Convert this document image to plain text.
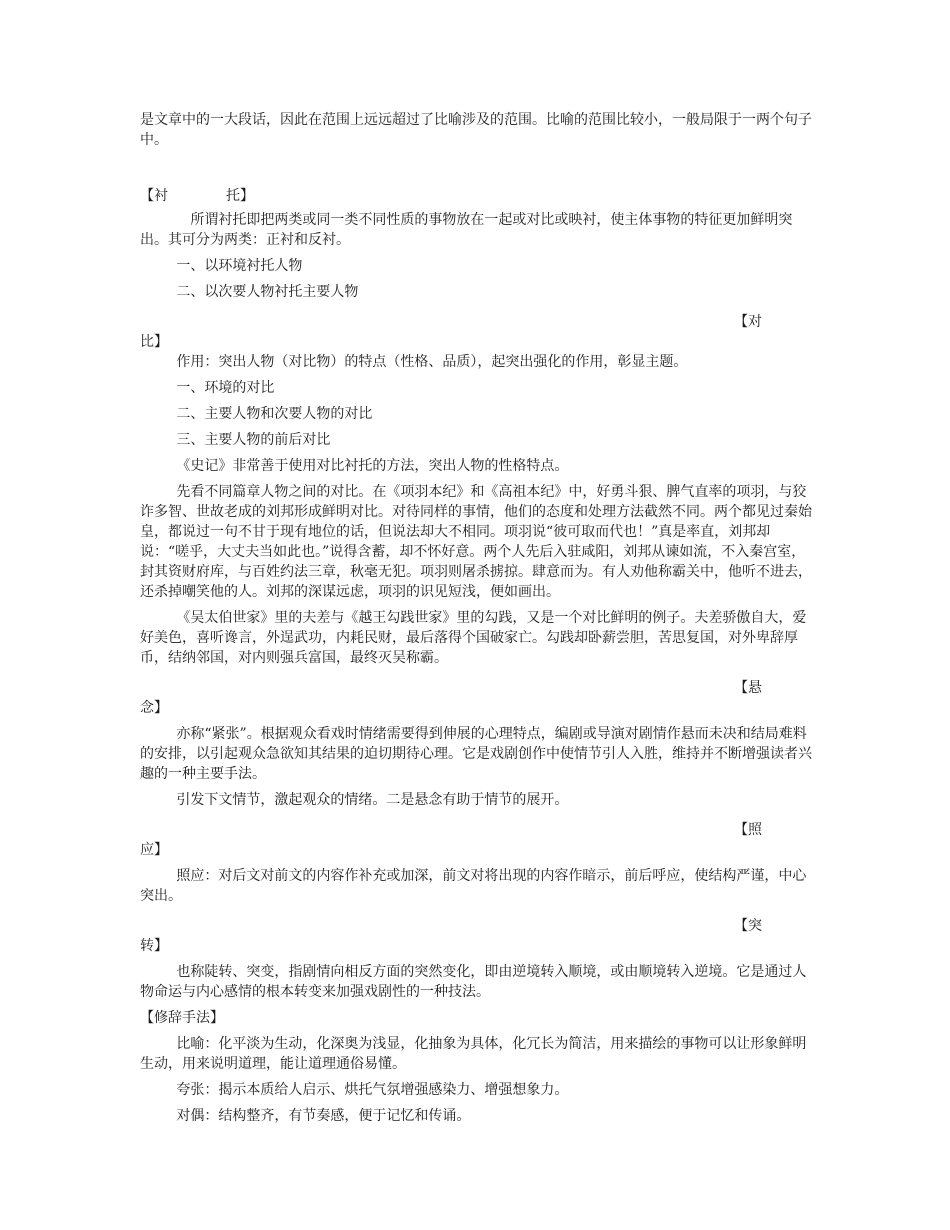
是文章中的一大段话，因此在范围上远远超过了比喻涉及的范围。比喻的范围比较小，一般局限于一两个句子中。

【衬	托】

所谓衬托即把两类或同一类不同性质的事物放在一起或对比或映衬，使主体事物的特征更加鲜明突出。其可分为两类：正衬和反衬。

一、以环境衬托人物

二、以次要人物衬托主要人物

【对

比】

作用：突出人物（对比物）的特点（性格、品质），起突出强化的作用，彰显主题。

一、环境的对比

二、主要人物和次要人物的对比

三、主要人物的前后对比

《史记》非常善于使用对比衬托的方法，突出人物的性格特点。

先看不同篇章人物之间的对比。在《项羽本纪》和《高祖本纪》中，好勇斗狠、脾气直率的项羽，与狡诈多智、世故老成的刘邦形成鲜明对比。对待同样的事情，他们的态度和处理方法截然不同。两个都见过秦始皇，都说过一句不甘于现有地位的话，但说法却大不相同。项羽说“彼可取而代也！”真是率直，刘邦却说：“嗟乎，大丈夫当如此也。”说得含蓄，却不怀好意。两个人先后入驻咸阳，刘邦从谏如流，不入秦宫室，封其资财府库，与百姓约法三章，秋毫无犯。项羽则屠杀掳掠。肆意而为。有人劝他称霸关中，他听不进去，还杀掉嘲笑他的人。刘邦的深谋远虑，项羽的识见短浅，便如画出。

《吴太伯世家》里的夫差与《越王勾践世家》里的勾践，又是一个对比鲜明的例子。夫差骄傲自大，爱好美色，喜听谗言，外逞武功，内耗民财，最后落得个国破家亡。勾践却卧薪尝胆，苦思复国，对外卑辞厚币，结纳邻国，对内则强兵富国，最终灭吴称霸。

【悬

念】

亦称“紧张”。根据观众看戏时情绪需要得到伸展的心理特点，编剧或导演对剧情作悬而未决和结局难料的安排，以引起观众急欲知其结果的迫切期待心理。它是戏剧创作中使情节引人入胜，维持并不断增强读者兴趣的一种主要手法。

引发下文情节，激起观众的情绪。二是悬念有助于情节的展开。

【照

应】

照应：对后文对前文的内容作补充或加深，前文对将出现的内容作暗示，前后呼应，使结构严谨，中心突出。

【突

转】

也称陡转、突变，指剧情向相反方面的突然变化，即由逆境转入顺境，或由顺境转入逆境。它是通过人物命运与内心感情的根本转变来加强戏剧性的一种技法。

【修辞手法】

比喻：化平淡为生动，化深奥为浅显，化抽象为具体，化冗长为简洁，用来描绘的事物可以让形象鲜明生动，用来说明道理，能让道理通俗易懂。

夸张：揭示本质给人启示、烘托气氛增强感染力、增强想象力。

对偶：结构整齐，有节奏感，便于记忆和传诵。
